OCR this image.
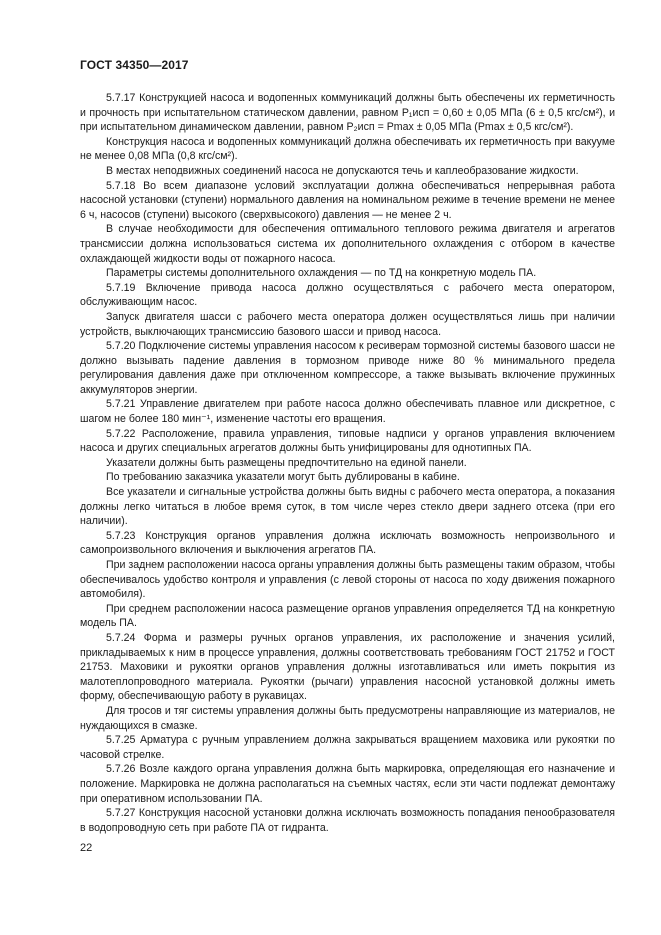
ГОСТ 34350—2017

5.7.17 Конструкцией насоса и водопенных коммуникаций должны быть обеспечены их герметичность и прочность при испытательном статическом давлении, равном P₁исп = 0,60 ± 0,05 МПа (6 ± 0,5 кгс/см²), и при испытательном динамическом давлении, равном P₂исп = Pmax ± 0,05 МПа (Pmax ± 0,5 кгс/см²).

Конструкция насоса и водопенных коммуникаций должна обеспечивать их герметичность при вакууме не менее 0,08 МПа (0,8 кгс/см²).

В местах неподвижных соединений насоса не допускаются течь и каплеобразование жидкости.

5.7.18 Во всем диапазоне условий эксплуатации должна обеспечиваться непрерывная работа насосной установки (ступени) нормального давления на номинальном режиме в течение времени не менее 6 ч, насосов (ступени) высокого (сверхвысокого) давления — не менее 2 ч.

В случае необходимости для обеспечения оптимального теплового режима двигателя и агрегатов трансмиссии должна использоваться система их дополнительного охлаждения с отбором в качестве охлаждающей жидкости воды от пожарного насоса.

Параметры системы дополнительного охлаждения — по ТД на конкретную модель ПА.

5.7.19 Включение привода насоса должно осуществляться с рабочего места оператором, обслуживающим насос.

Запуск двигателя шасси с рабочего места оператора должен осуществляться лишь при наличии устройств, выключающих трансмиссию базового шасси и привод насоса.

5.7.20 Подключение системы управления насосом к ресиверам тормозной системы базового шасси не должно вызывать падение давления в тормозном приводе ниже 80 % минимального предела регулирования давления даже при отключенном компрессоре, а также вызывать включение пружинных аккумуляторов энергии.

5.7.21 Управление двигателем при работе насоса должно обеспечивать плавное или дискретное, с шагом не более 180 мин⁻¹, изменение частоты его вращения.

5.7.22 Расположение, правила управления, типовые надписи у органов управления включением насоса и других специальных агрегатов должны быть унифицированы для однотипных ПА.

Указатели должны быть размещены предпочтительно на единой панели.

По требованию заказчика указатели могут быть дублированы в кабине.

Все указатели и сигнальные устройства должны быть видны с рабочего места оператора, а показания должны легко читаться в любое время суток, в том числе через стекло двери заднего отсека (при его наличии).

5.7.23 Конструкция органов управления должна исключать возможность непроизвольного и самопроизвольного включения и выключения агрегатов ПА.

При заднем расположении насоса органы управления должны быть размещены таким образом, чтобы обеспечивалось удобство контроля и управления (с левой стороны от насоса по ходу движения пожарного автомобиля).

При среднем расположении насоса размещение органов управления определяется ТД на конкретную модель ПА.

5.7.24 Форма и размеры ручных органов управления, их расположение и значения усилий, прикладываемых к ним в процессе управления, должны соответствовать требованиям ГОСТ 21752 и ГОСТ 21753. Маховики и рукоятки органов управления должны изготавливаться или иметь покрытия из малотеплопроводного материала. Рукоятки (рычаги) управления насосной установкой должны иметь форму, обеспечивающую работу в рукавицах.

Для тросов и тяг системы управления должны быть предусмотрены направляющие из материалов, не нуждающихся в смазке.

5.7.25 Арматура с ручным управлением должна закрываться вращением маховика или рукоятки по часовой стрелке.

5.7.26 Возле каждого органа управления должна быть маркировка, определяющая его назначение и положение. Маркировка не должна располагаться на съемных частях, если эти части подлежат демонтажу при оперативном использовании ПА.

5.7.27 Конструкция насосной установки должна исключать возможность попадания пенообразователя в водопроводную сеть при работе ПА от гидранта.

22
